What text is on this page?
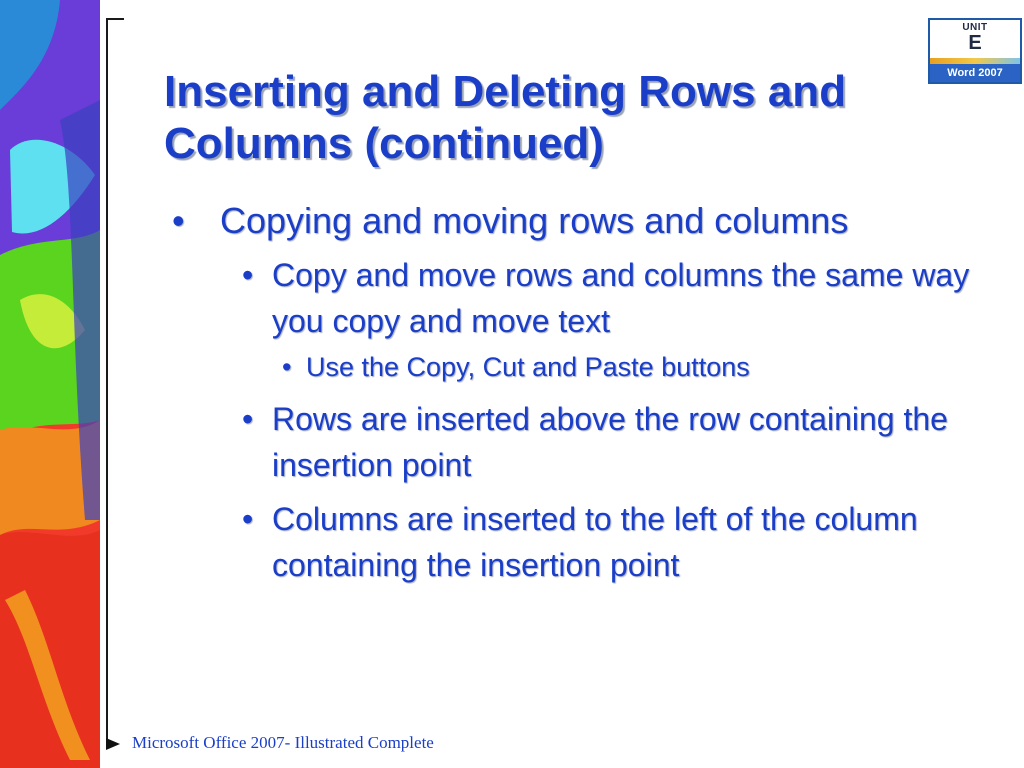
UNIT
E
Word 2007
Inserting and Deleting Rows and Columns (continued)
• Copying and moving rows and columns
• Copy and move rows and columns the same way you copy and move text
• Use the Copy, Cut and Paste buttons
• Rows are inserted above the row containing the insertion point
• Columns are inserted to the left of the column containing the insertion point
Microsoft Office 2007- Illustrated Complete
